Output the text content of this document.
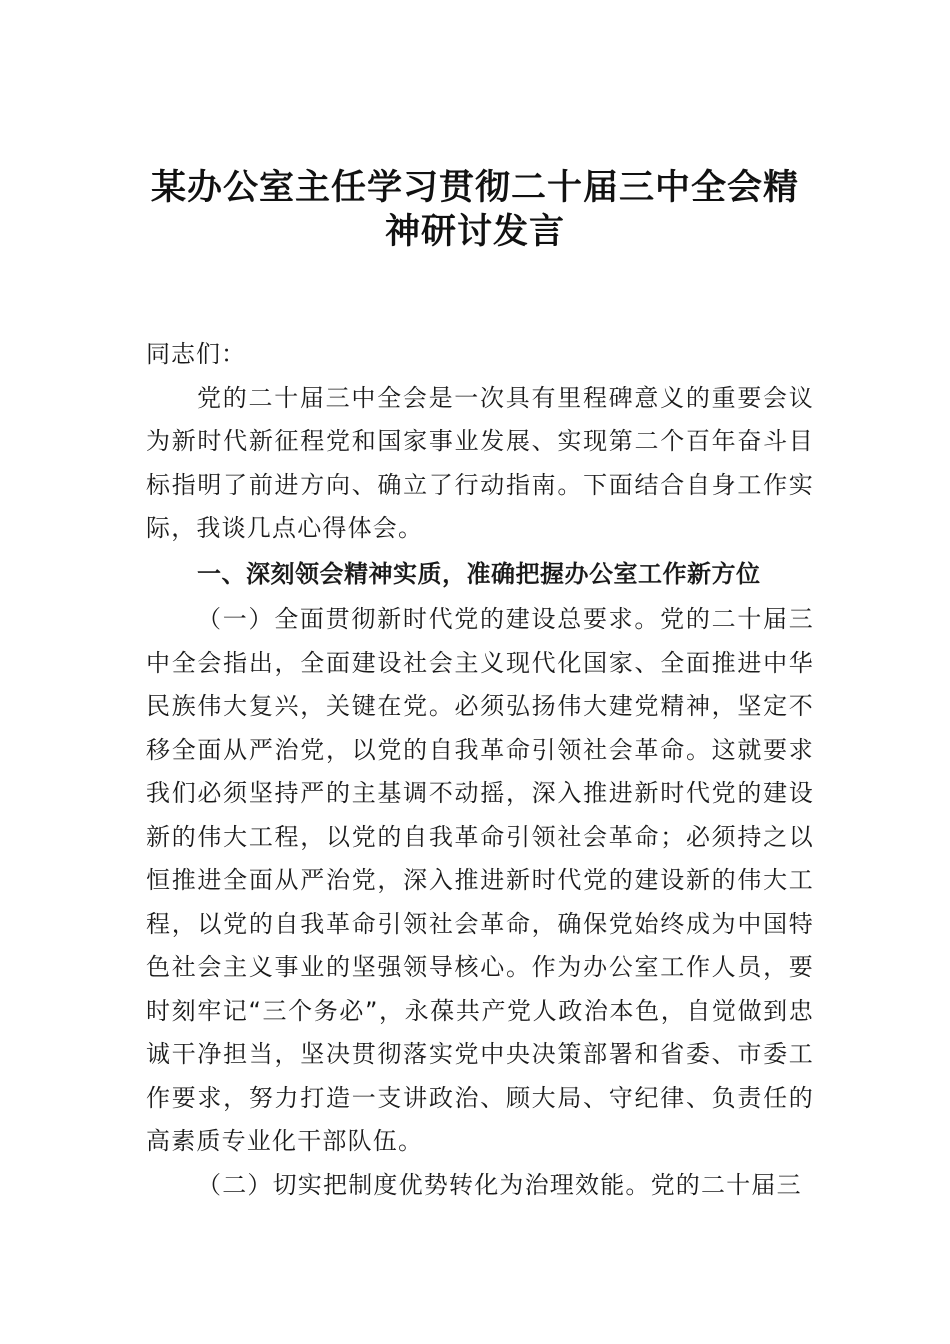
某办公室主任学习贯彻二十届三中全会精
神研讨发言

同志们：

党的二十届三中全会是一次具有里程碑意义的重要会议为新时代新征程党和国家事业发展、实现第二个百年奋斗目标指明了前进方向、确立了行动指南。下面结合自身工作实际，我谈几点心得体会。

一、深刻领会精神实质，准确把握办公室工作新方位

（一）全面贯彻新时代党的建设总要求。党的二十届三中全会指出，全面建设社会主义现代化国家、全面推进中华民族伟大复兴，关键在党。必须弘扬伟大建党精神，坚定不移全面从严治党，以党的自我革命引领社会革命。这就要求我们必须坚持严的主基调不动摇，深入推进新时代党的建设新的伟大工程，以党的自我革命引领社会革命；必须持之以恒推进全面从严治党，深入推进新时代党的建设新的伟大工程，以党的自我革命引领社会革命，确保党始终成为中国特色社会主义事业的坚强领导核心。作为办公室工作人员，要时刻牢记“三个务必”，永葆共产党人政治本色，自觉做到忠诚干净担当，坚决贯彻落实党中央决策部署和省委、市委工作要求，努力打造一支讲政治、顾大局、守纪律、负责任的高素质专业化干部队伍。

（二）切实把制度优势转化为治理效能。党的二十届三
